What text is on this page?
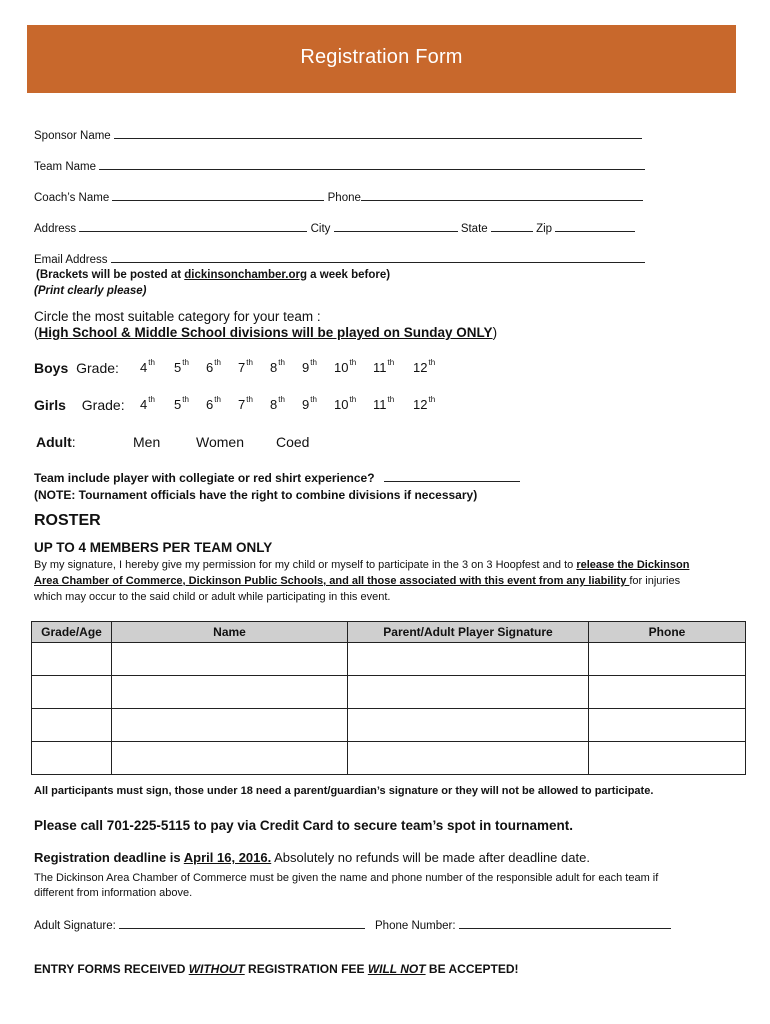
Registration Form
Sponsor Name
Team Name
Coach’s Name	Phone
Address	City	State	Zip
Email Address
(Brackets will be posted at dickinsonchamber.org a week before)
(Print clearly please)
Circle the most suitable category for your team :
(High School & Middle School divisions will be played on Sunday ONLY)
Boys Grade: 4th 5th 6th 7th 8th 9th 10th 11th 12th
Girls Grade: 4th 5th 6th 7th 8th 9th 10th 11th 12th
Adult:	Men	Women Coed
Team include player with collegiate or red shirt experience?
(NOTE: Tournament officials have the right to combine divisions if necessary)
ROSTER
UP TO 4 MEMBERS PER TEAM ONLY
By my signature, I hereby give my permission for my child or myself to participate in the 3 on 3 Hoopfest and to release the Dickinson
Area Chamber of Commerce, Dickinson Public Schools, and all those associated with this event from any liability for injuries
which may occur to the said child or adult while participating in this event.
Grade/Age	Name	Parent/Adult Player Signature	Phone

All participants must sign, those under 18 need a parent/guardian’s signature or they will not be allowed to participate.
Please call 701-225-5115 to pay via Credit Card to secure team’s spot in tournament.
Registration deadline is April 16, 2016. Absolutely no refunds will be made after deadline date.
The Dickinson Area Chamber of Commerce must be given the name and phone number of the responsible adult for each team if
different from information above.
Adult Signature:	Phone Number:
ENTRY FORMS RECEIVED WITHOUT REGISTRATION FEE WILL NOT BE ACCEPTED!
